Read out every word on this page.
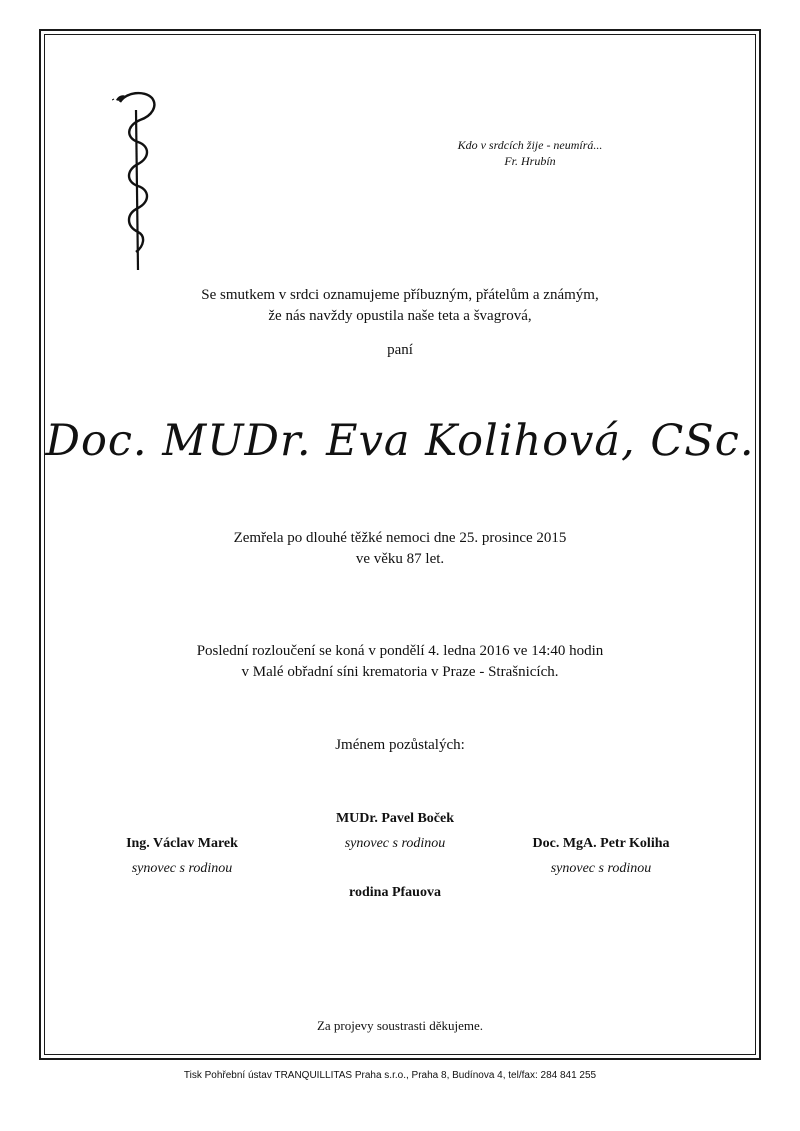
Kdo v srdcích žije - neumírá...
Fr. Hrubín
Se smutkem v srdci oznamujeme příbuzným, přátelům a známým,
že nás navždy opustila naše teta a švagrová,
paní
Doc. MUDr. Eva Kolihová, CSc.
Zemřela po dlouhé těžké nemoci dne 25. prosince 2015
ve věku 87 let.
Poslední rozloučení se koná v pondělí 4. ledna 2016 ve 14:40 hodin
v Malé obřadní síni krematoria v Praze - Strašnicích.
Jménem pozůstalých:
MUDr. Pavel Boček
synovec s rodinou
Ing. Václav Marek
synovec s rodinou
Doc. MgA. Petr Koliha
synovec s rodinou
rodina Pfauova
Za projevy soustrasti děkujeme.
Tisk Pohřební ústav TRANQUILLITAS Praha s.r.o., Praha 8, Budínova 4, tel/fax: 284 841 255
